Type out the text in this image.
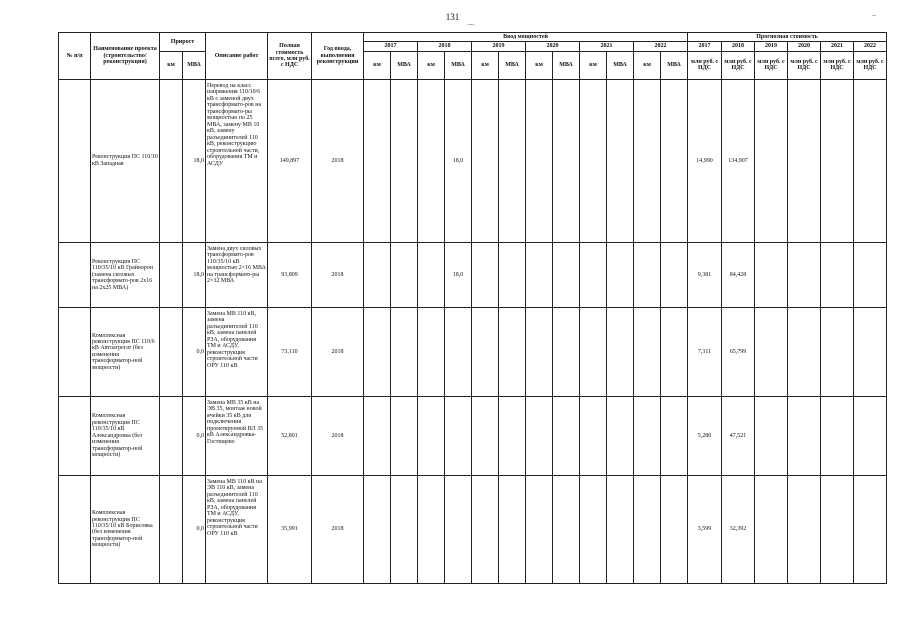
131
⌒
–
№ п/п	Наименование проекта (строительство/ реконструкция)	Прирост		Описание работ	Полная стоимость всего, млн руб. с НДС	Год ввода, выполнения реконструкции	Ввод мощностей												Прогнозная стоимость					
							2017		2018		2019		2020		2021		2022		2017	2018	2019	2020	2021	2022
		км	МВА				км	МВА	км	МВА	км	МВА	км	МВА	км	МВА	км	МВА	млн руб. с НДС	млн руб. с НДС	млн руб. с НДС	млн руб. с НДС	млн руб. с НДС	млн руб. с НДС
	Реконструкция ПС 110/10 кВ Западная		18,0	Перевод на класс напряжения 110/10/6 кВ с заменой двух трансформато-ров на трансформато-ры мощностью по 25 МВА, замену МВ 10 кВ, замену разъединителей 110 кВ, реконструкцию строительной части, оборудования ТМ и АСДУ	149,897	2018				18,0									14,990	134,907				
	Реконструкция ПС 110/35/10 кВ Грайворон (замена силовых трансформато-ров 2х16 на 2х25 МВА)		18,0	Замена двух силовых трансформато-ров 110/35/10 кВ мощностью 2×16 МВА на трансформато-ры 2×32 МВА	93,809	2018				18,0									9,381	84,428				
	Комплексная реконструкция ПС 110/6 кВ Автоагрегат (без изменения трансформатор-ной мощности)		0,0	Замена МВ 110 кВ, замена разъединителей 110 кВ, замена панелей РЗА, оборудования ТМ и АСДУ, реконструкция строительной части ОРУ 110 кВ	73,110	2018													7,311	65,799				
	Комплексная реконструкция ПС 110/35/10 кВ Александровка (без изменения трансформатор-ной мощности)		0,0	Замена МВ 35 кВ на ЭВ 35, монтаж новой ячейки 35 кВ для подключения проектируемой ВЛ 35 кВ Александровка-Гостищево	52,801	2018													5,280	47,521				
	Комплексная реконструкция ПС 110/35/10 кВ Борисовка (без изменения трансформатор-ной мощности)		0,0	Замена МВ 110 кВ на ЭВ 110 кВ, замена разъединителей 110 кВ, замена панелей РЗА, оборудования ТМ и АСДУ, реконструкция строительной части ОРУ 110 кВ	35,991	2018													3,599	32,392				
